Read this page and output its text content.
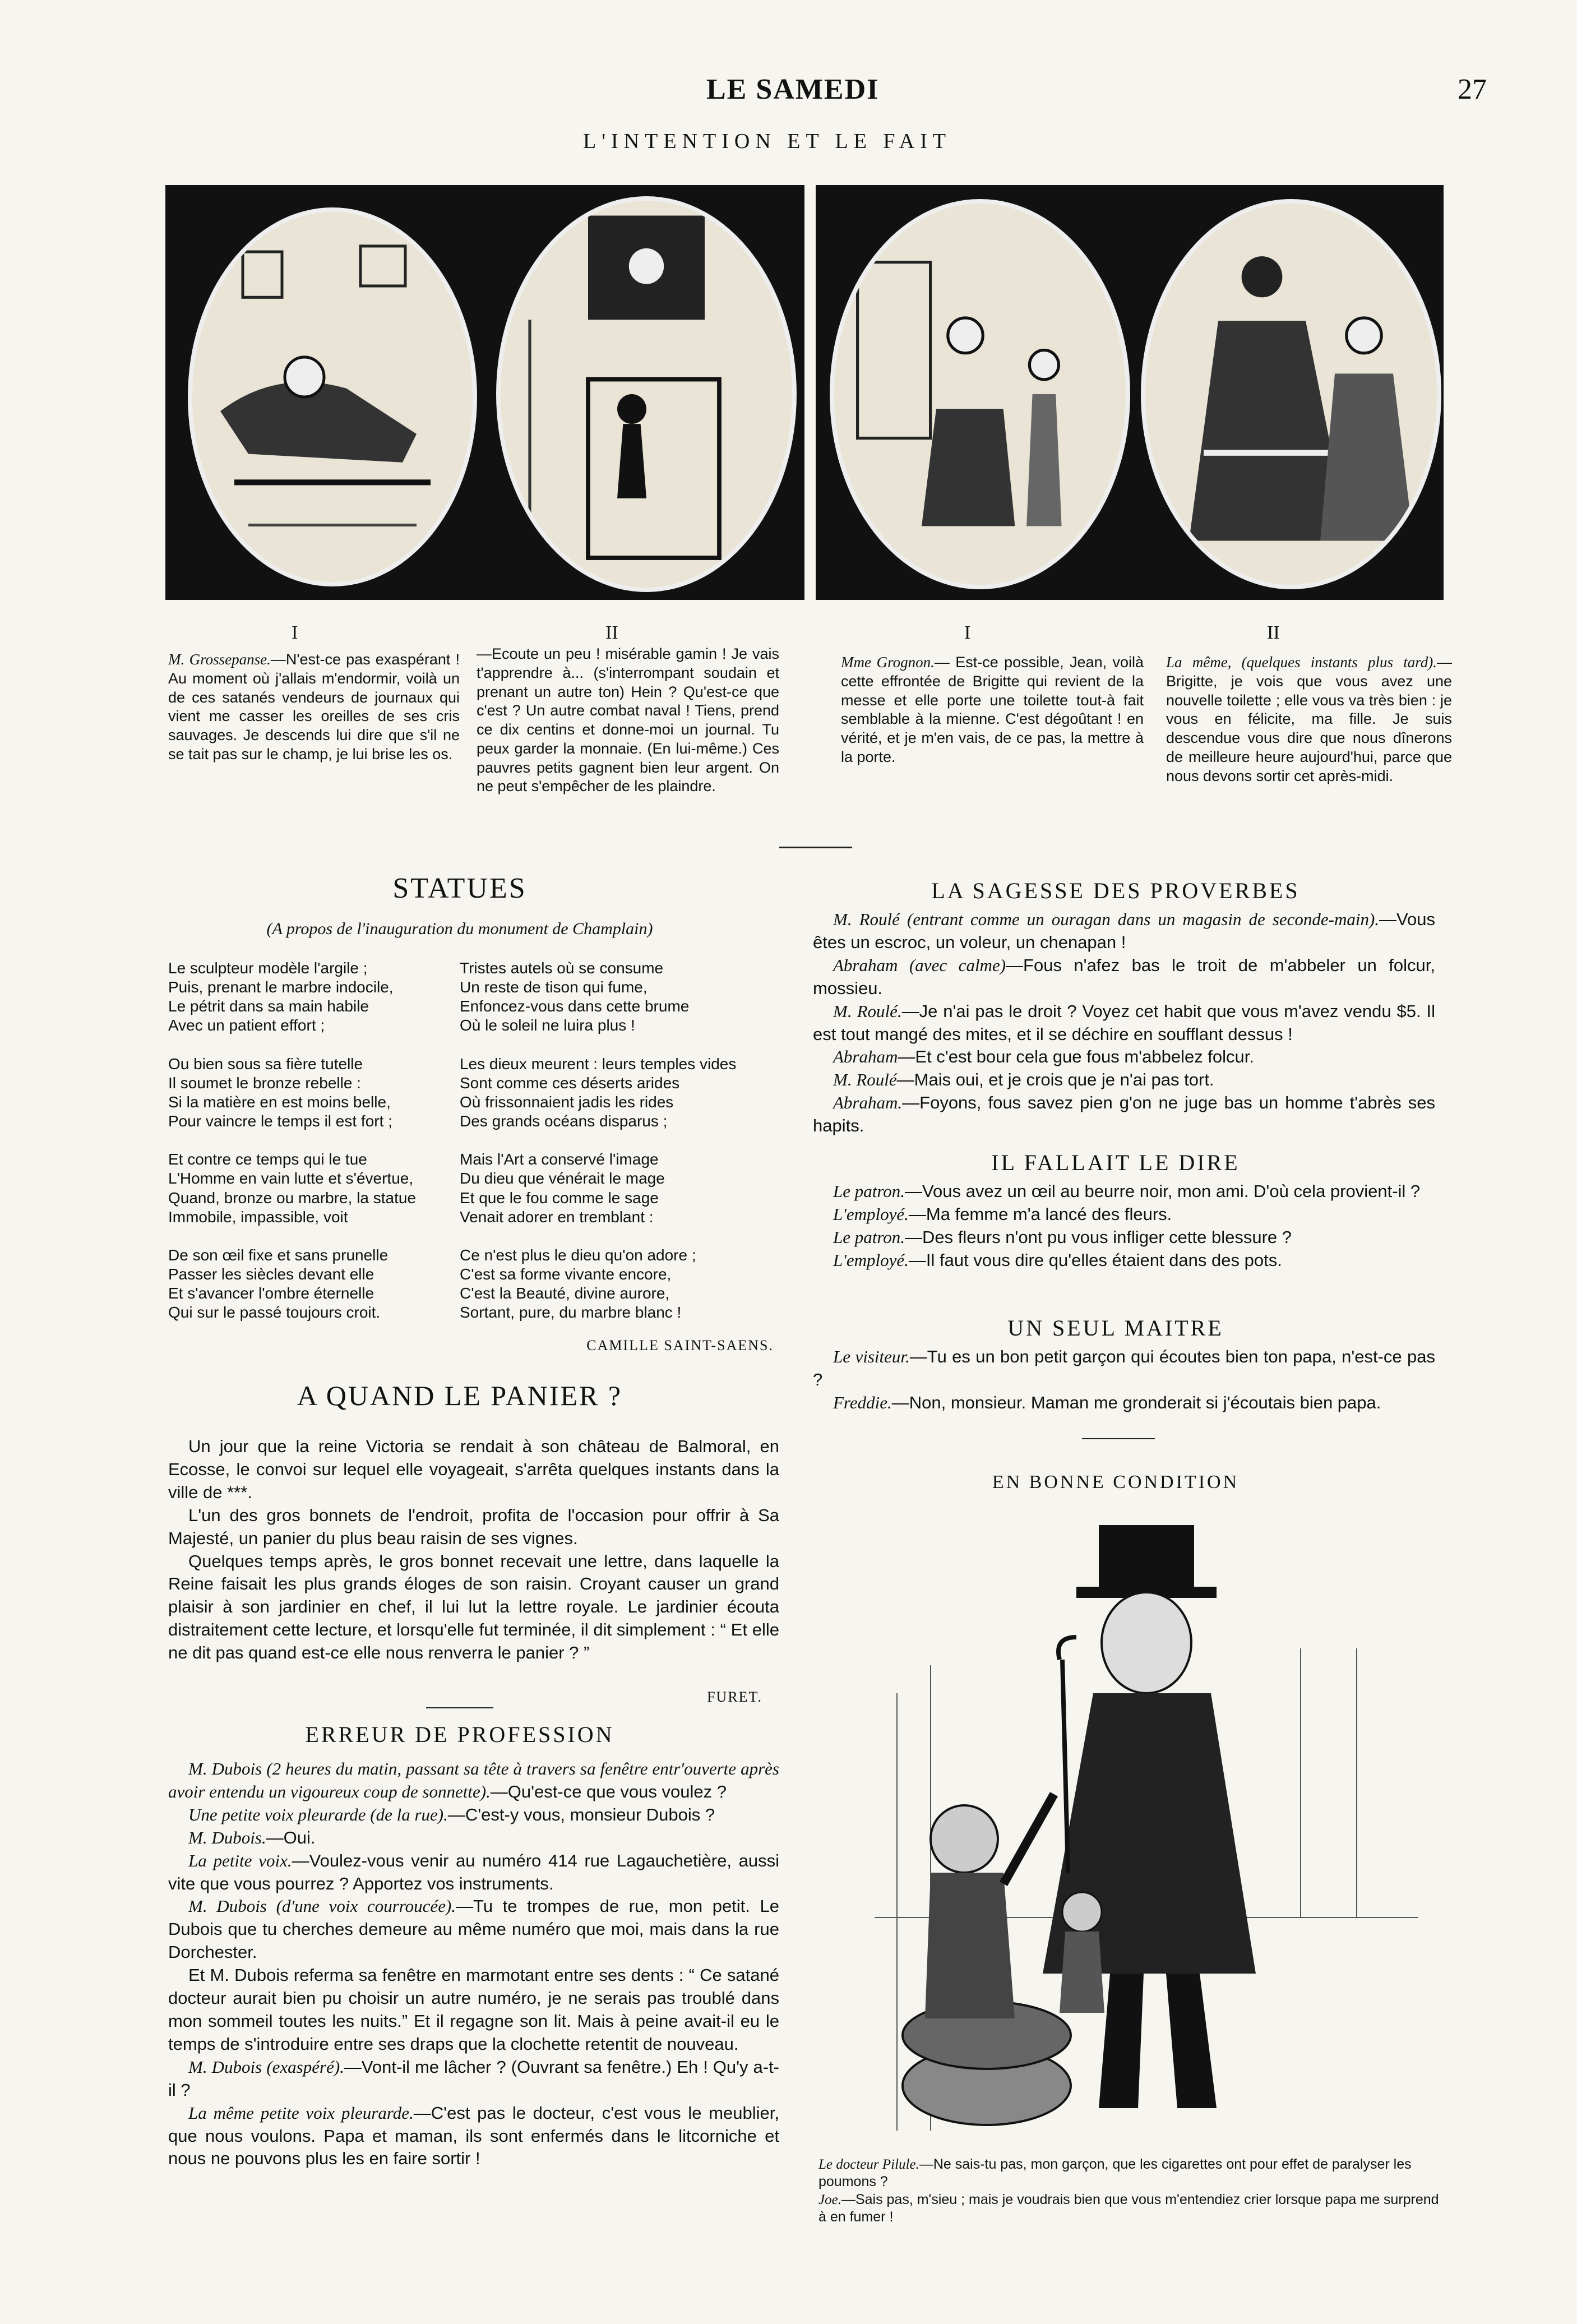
LE SAMEDI	27
L'INTENTION ET LE FAIT
I	II	I	II
M. Grossepanse.—N'est-ce pas exaspérant ! Au moment où j'allais m'endormir, voilà un de ces satanés vendeurs de journaux qui vient me casser les oreilles de ses cris sauvages. Je descends lui dire que s'il ne se tait pas sur le champ, je lui brise les os.
—Ecoute un peu ! misérable gamin ! Je vais t'apprendre à... (s'interrompant soudain et prenant un autre ton) Hein ? Qu'est-ce que c'est ? Un autre combat naval ! Tiens, prend ce dix centins et donne-moi un journal. Tu peux garder la monnaie. (En lui-même.) Ces pauvres petits gagnent bien leur argent. On ne peut s'empêcher de les plaindre.
Mme Grognon.— Est-ce possible, Jean, voilà cette effrontée de Brigitte qui revient de la messe et elle porte une toilette tout-à fait semblable à la mienne. C'est dégoûtant ! en vérité, et je m'en vais, de ce pas, la mettre à la porte.
La même, (quelques instants plus tard).— Brigitte, je vois que vous avez une nouvelle toilette ; elle vous va très bien : je vous en félicite, ma fille. Je suis descendue vous dire que nous dînerons de meilleure heure aujourd'hui, parce que nous devons sortir cet après-midi.
STATUES
(A propos de l'inauguration du monument de Champlain)
Le sculpteur modèle l'argile ;
Puis, prenant le marbre indocile,
Le pétrit dans sa main habile
Avec un patient effort ;
Ou bien sous sa fière tutelle
Il soumet le bronze rebelle :
Si la matière en est moins belle,
Pour vaincre le temps il est fort ;
Et contre ce temps qui le tue
L'Homme en vain lutte et s'évertue,
Quand, bronze ou marbre, la statue
Immobile, impassible, voit
De son œil fixe et sans prunelle
Passer les siècles devant elle
Et s'avancer l'ombre éternelle
Qui sur le passé toujours croit.
Tristes autels où se consume
Un reste de tison qui fume,
Enfoncez-vous dans cette brume
Où le soleil ne luira plus !
Les dieux meurent : leurs temples vides
Sont comme ces déserts arides
Où frissonnaient jadis les rides
Des grands océans disparus ;
Mais l'Art a conservé l'image
Du dieu que vénérait le mage
Et que le fou comme le sage
Venait adorer en tremblant :
Ce n'est plus le dieu qu'on adore ;
C'est sa forme vivante encore,
C'est la Beauté, divine aurore,
Sortant, pure, du marbre blanc !
CAMILLE SAINT-SAENS.
A QUAND LE PANIER ?

Un jour que la reine Victoria se rendait à son château de Balmoral, en Ecosse, le convoi sur lequel elle voyageait, s'arrêta quelques instants dans la ville de ***.

L'un des gros bonnets de l'endroit, profita de l'occasion pour offrir à Sa Majesté, un panier du plus beau raisin de ses vignes.

Quelques temps après, le gros bonnet recevait une lettre, dans laquelle la Reine faisait les plus grands éloges de son raisin. Croyant causer un grand plaisir à son jardinier en chef, il lui lut la lettre royale. Le jardinier écouta distraitement cette lecture, et lorsqu'elle fut terminée, il dit simplement : “ Et elle ne dit pas quand est-ce elle nous renverra le panier ? ”

FURET.
ERREUR DE PROFESSION

M. Dubois (2 heures du matin, passant sa tête à travers sa fenêtre entr'ouverte après avoir entendu un vigoureux coup de sonnette).—Qu'est-ce que vous voulez ?

Une petite voix pleurarde (de la rue).—C'est-y vous, monsieur Dubois ?

M. Dubois.—Oui.

La petite voix.—Voulez-vous venir au numéro 414 rue Lagauchetière, aussi vite que vous pourrez ? Apportez vos instruments.

M. Dubois (d'une voix courroucée).—Tu te trompes de rue, mon petit. Le Dubois que tu cherches demeure au même numéro que moi, mais dans la rue Dorchester.

Et M. Dubois referma sa fenêtre en marmotant entre ses dents : “ Ce satané docteur aurait bien pu choisir un autre numéro, je ne serais pas troublé dans mon sommeil toutes les nuits.” Et il regagne son lit. Mais à peine avait-il eu le temps de s'introduire entre ses draps que la clochette retentit de nouveau.

M. Dubois (exaspéré).—Vont-il me lâcher ? (Ouvrant sa fenêtre.) Eh ! Qu'y a-t-il ?

La même petite voix pleurarde.—C'est pas le docteur, c'est vous le meublier, que nous voulons. Papa et maman, ils sont enfermés dans le litcorniche et nous ne pouvons plus les en faire sortir !

LA SAGESSE DES PROVERBES

M. Roulé (entrant comme un ouragan dans un magasin de seconde-main).—Vous êtes un escroc, un voleur, un chenapan !

Abraham (avec calme)—Fous n'afez bas le troit de m'abbeler un folcur, mossieu.

M. Roulé.—Je n'ai pas le droit ? Voyez cet habit que vous m'avez vendu $5. Il est tout mangé des mites, et il se déchire en soufflant dessus !

Abraham—Et c'est bour cela gue fous m'abbelez folcur.

M. Roulé—Mais oui, et je crois que je n'ai pas tort.

Abraham.—Foyons, fous savez pien g'on ne juge bas un homme t'abrès ses hapits.

IL FALLAIT LE DIRE

Le patron.—Vous avez un œil au beurre noir, mon ami. D'où cela provient-il ?

L'employé.—Ma femme m'a lancé des fleurs.

Le patron.—Des fleurs n'ont pu vous infliger cette blessure ?

L'employé.—Il faut vous dire qu'elles étaient dans des pots.

UN SEUL MAITRE

Le visiteur.—Tu es un bon petit garçon qui écoutes bien ton papa, n'est-ce pas ?

Freddie.—Non, monsieur. Maman me gronderait si j'écoutais bien papa.

EN BONNE CONDITION
Le docteur Pilule.—Ne sais-tu pas, mon garçon, que les cigarettes ont pour effet de paralyser les poumons ?
Joe.—Sais pas, m'sieu ; mais je voudrais bien que vous m'entendiez crier lorsque papa me surprend à en fumer !
